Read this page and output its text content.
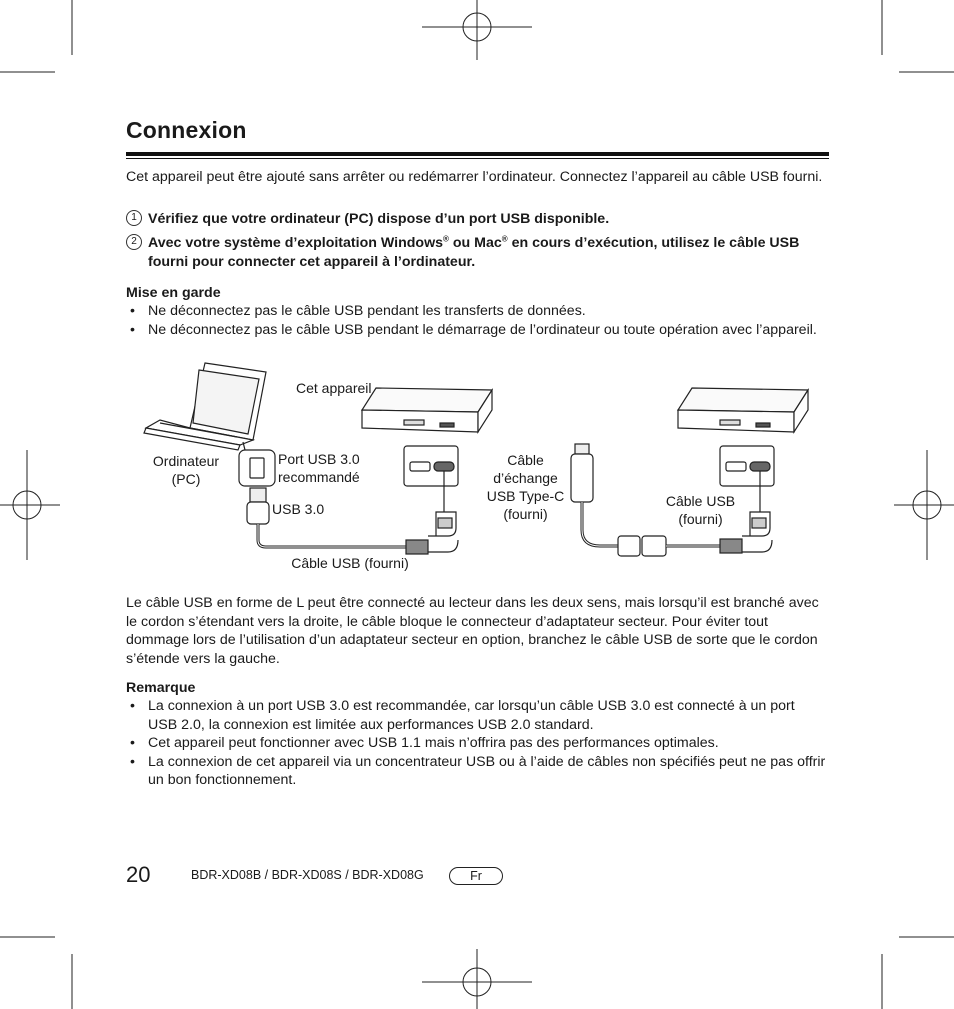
Connexion
Cet appareil peut être ajouté sans arrêter ou redémarrer l’ordinateur. Connectez l’appareil au câble USB fourni.
1 Vérifiez que votre ordinateur (PC) dispose d’un port USB disponible.
2 Avec votre système d’exploitation Windows® ou Mac® en cours d’exécution, utilisez le câble USB fourni pour connecter cet appareil à l’ordinateur.
Mise en garde
• Ne déconnectez pas le câble USB pendant les transferts de données.
• Ne déconnectez pas le câble USB pendant le démarrage de l’ordinateur ou toute opération avec l’appareil.
Cet appareil
Ordinateur (PC)
Port USB 3.0 recommandé
USB 3.0
Câble USB (fourni)
Câble d’échange USB Type-C (fourni)
Câble USB (fourni)
Le câble USB en forme de L peut être connecté au lecteur dans les deux sens, mais lorsqu’il est branché avec le cordon s’étendant vers la droite, le câble bloque le connecteur d’adaptateur secteur. Pour éviter tout dommage lors de l’utilisation d’un adaptateur secteur en option, branchez le câble USB de sorte que le cordon s’étende vers la gauche.
Remarque
• La connexion à un port USB 3.0 est recommandée, car lorsqu’un câble USB 3.0 est connecté à un port USB 2.0, la connexion est limitée aux performances USB 2.0 standard.
• Cet appareil peut fonctionner avec USB 1.1 mais n’offrira pas des performances optimales.
• La connexion de cet appareil via un concentrateur USB ou à l’aide de câbles non spécifiés peut ne pas offrir un bon fonctionnement.
20	BDR-XD08B / BDR-XD08S / BDR-XD08G	Fr
